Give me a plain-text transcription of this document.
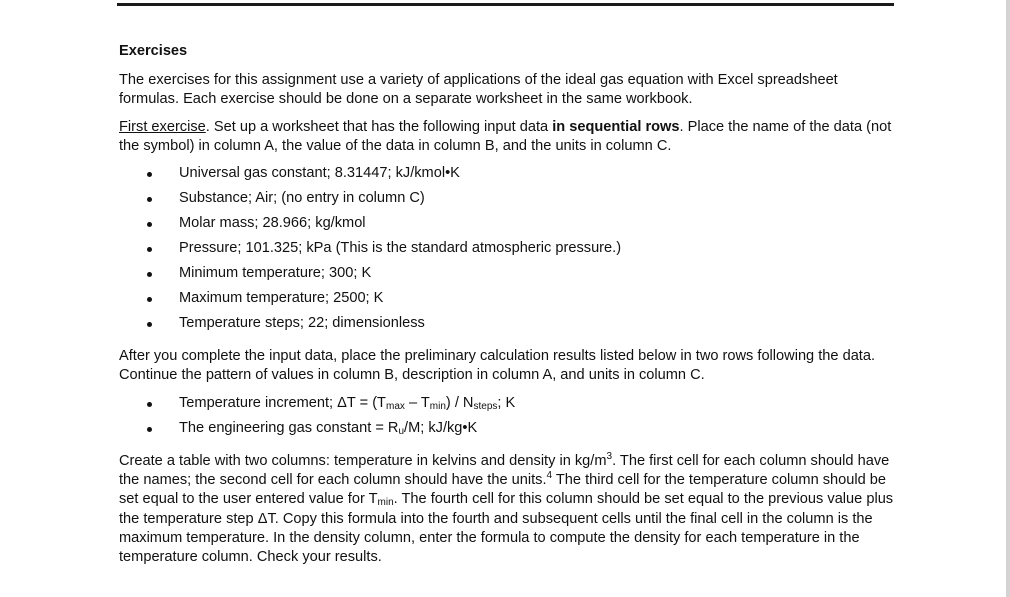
Exercises

The exercises for this assignment use a variety of applications of the ideal gas equation with Excel spreadsheet formulas. Each exercise should be done on a separate worksheet in the same workbook.

First exercise. Set up a worksheet that has the following input data in sequential rows. Place the name of the data (not the symbol) in column A, the value of the data in column B, and the units in column C.

Universal gas constant; 8.31447; kJ/kmol•K
Substance; Air; (no entry in column C)
Molar mass; 28.966; kg/kmol
Pressure; 101.325; kPa (This is the standard atmospheric pressure.)
Minimum temperature; 300; K
Maximum temperature; 2500; K
Temperature steps; 22; dimensionless

After you complete the input data, place the preliminary calculation results listed below in two rows following the data. Continue the pattern of values in column B, description in column A, and units in column C.

Temperature increment; $\Delta T = (T_{max} - T_{min}) / N_{steps}$; K
The engineering gas constant = $R_u/M$; kJ/kg•K

Create a table with two columns: temperature in kelvins and density in $kg/m^3$. The first cell for each column should have the names; the second cell for each column should have the units.$^4$ The third cell for the temperature column should be set equal to the user entered value for $T_{min}$. The fourth cell for this column should be set equal to the previous value plus the temperature step ΔT. Copy this formula into the fourth and subsequent cells until the final cell in the column is the maximum temperature. In the density column, enter the formula to compute the density for each temperature in the temperature column. Check your results.
